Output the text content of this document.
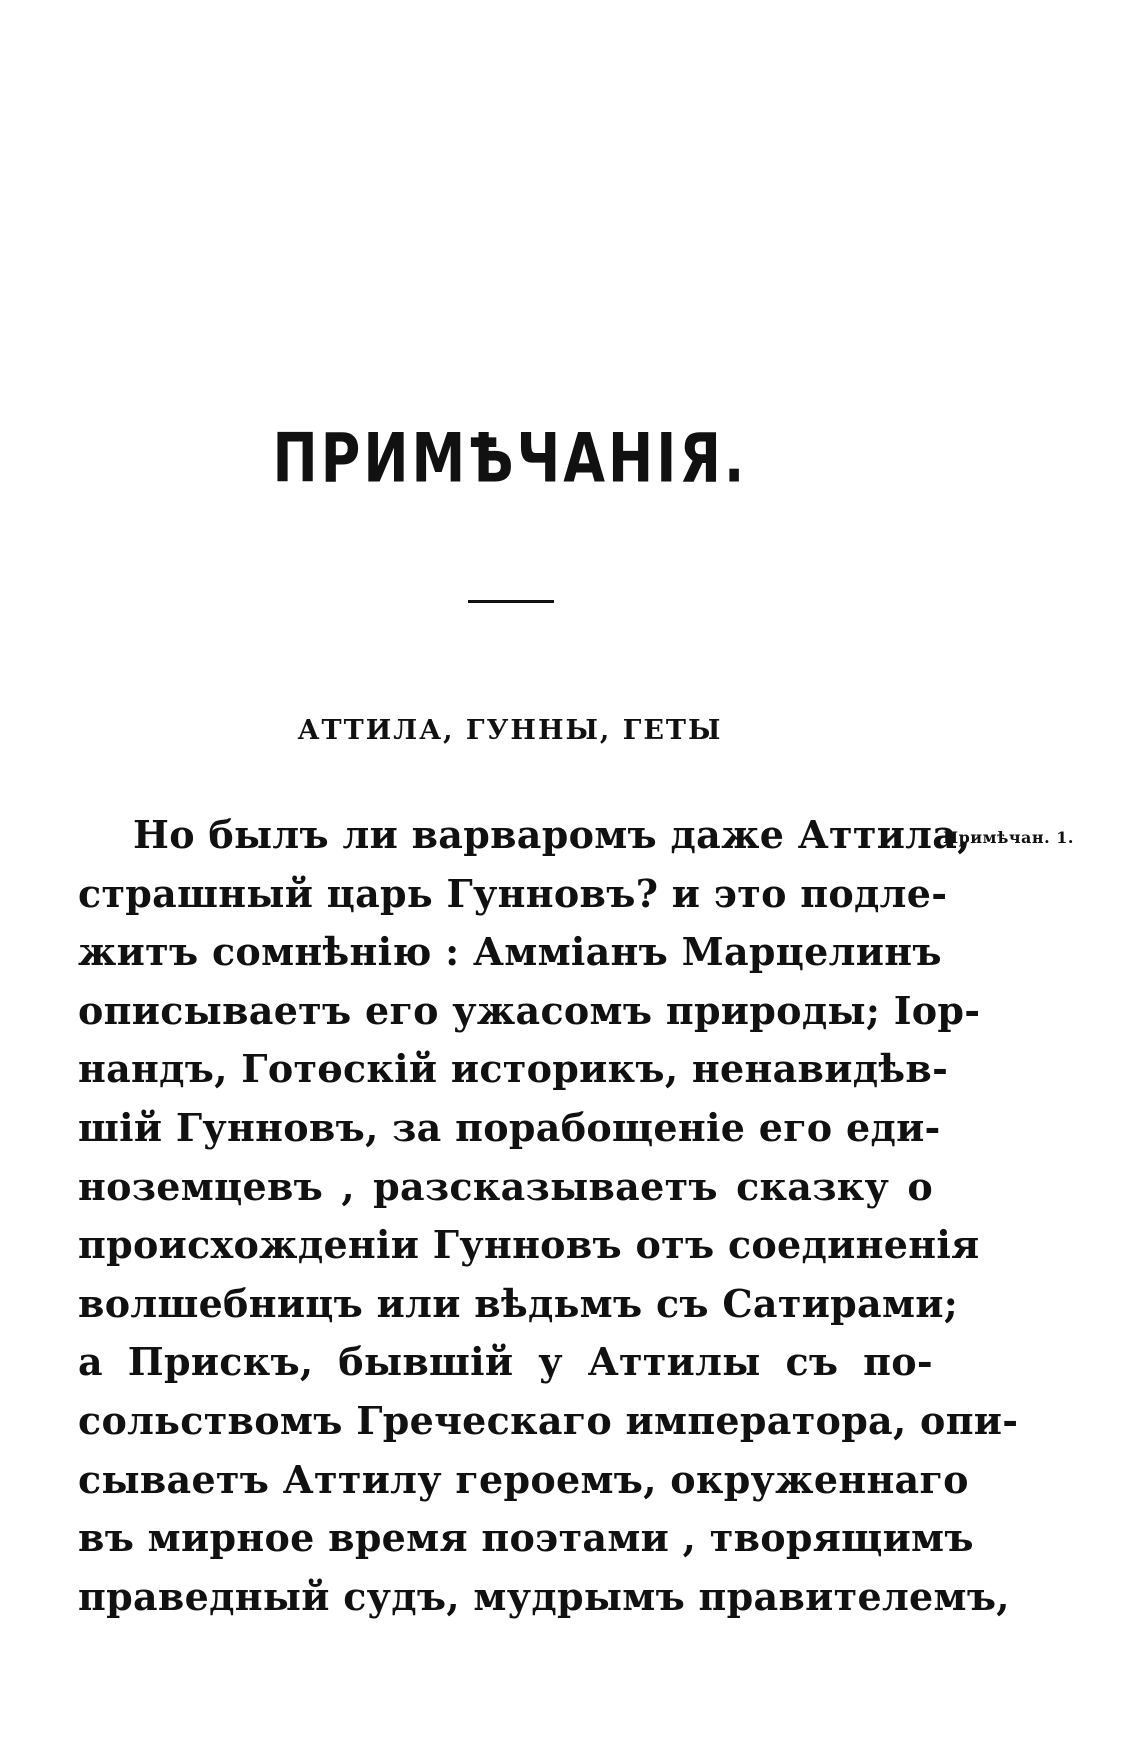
ПРИМѢЧАНІЯ.
АТТИЛА, ГУННЫ, ГЕТЫ
Примѣчан. 1.
Но былъ ли варваромъ даже Аттила,
страшный царь Гунновъ? и это подле-
житъ сомнѣнію : Амміанъ Марцелинъ
описываетъ его ужасомъ природы; Іор-
нандъ, Готөскій историкъ, ненавидѣв-
шій Гунновъ, за порабощеніе его еди-
ноземцевъ , разсказываетъ сказку о
происхожденіи Гунновъ отъ соединенія
волшебницъ или вѣдьмъ съ Сатирами;
а Прискъ, бывшій у Аттилы съ по-
сольствомъ Греческаго императора, опи-
сываетъ Аттилу героемъ, окруженнаго
въ мирное время поэтами , творящимъ
праведный судъ, мудрымъ правителемъ,
